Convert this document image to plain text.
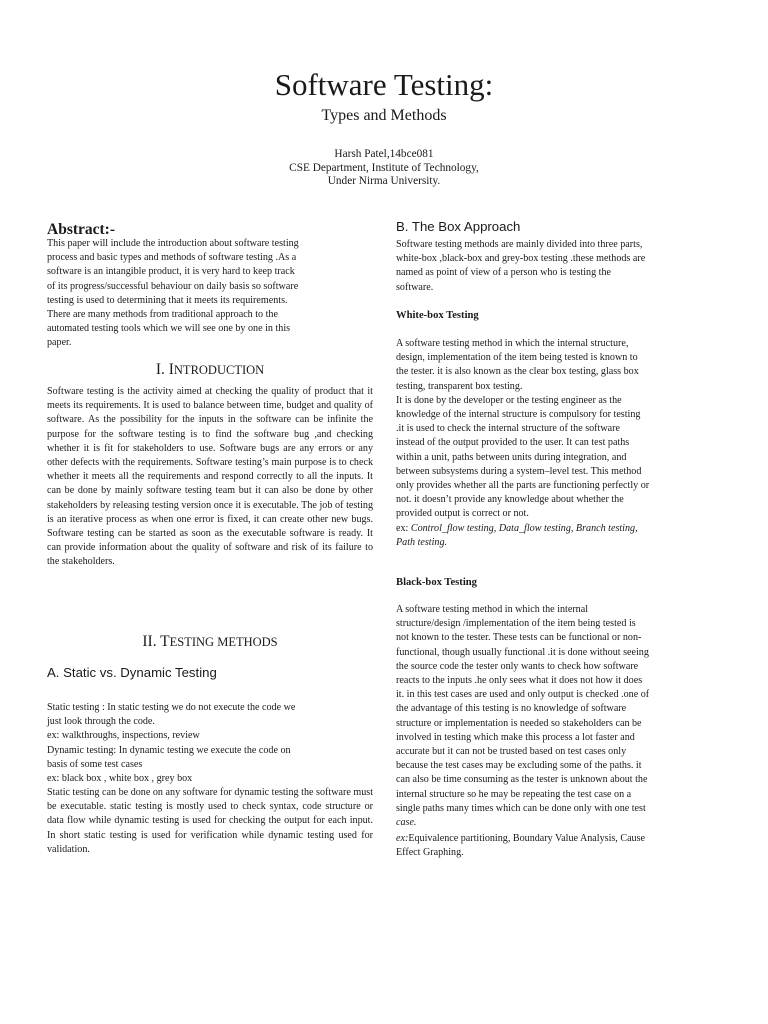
Software Testing:
Types and Methods
Harsh Patel,14bce081
CSE Department, Institute of Technology,
Under Nirma University.
Abstract:-
This paper will include the introduction about software testing
process and basic types and methods of software testing .As a
software is an intangible product, it is very hard to keep track
of its progress/successful behaviour on daily basis so software
testing is used to determining that it meets its requirements.
There are many methods from traditional approach to the
automated testing tools which we will see one by one in this
paper.
I. INTRODUCTION

Software testing is the activity aimed at checking the quality of product that it meets its requirements. It is used to balance between time, budget and quality of software. As the possibility for the inputs in the software can be infinite the purpose for the software testing is to find the software bug ,and checking whether it is fit for stakeholders to use. Software bugs are any errors or any other defects with the requirements. Software testing’s main purpose is to check whether it meets all the requirements and respond correctly to all the inputs. It can be done by mainly software testing team but it can also be done by other stakeholders by releasing testing version once it is executable. The job of testing is an iterative process as when one error is fixed, it can create other new bugs. Software testing can be started as soon as the executable software is ready. It can provide information about the quality of software and risk of its failure to the stakeholders.

II. TESTING METHODS
A. Static vs. Dynamic Testing
Static testing : In static testing we do not execute the code we
just look through the code.
ex: walkthroughs, inspections, review
Dynamic testing: In dynamic testing we execute the code on
basis of some test cases
ex: black box , white box , grey box

Static testing can be done on any software for dynamic testing the software must be executable. static testing is mostly used to check syntax, code structure or data flow while dynamic testing is used for checking the output for each input. In short static testing is used for verification while dynamic testing used for validation.

B. The Box Approach
Software testing methods are mainly divided into three parts,
white-box ,black-box and grey-box testing .these methods are
named as point of view of a person who is testing the
software.
White-box Testing
A software testing method in which the internal structure,
design, implementation of the item being tested is known to
the tester. it is also known as the clear box testing, glass box
testing, transparent box testing.
It is done by the developer or the testing engineer as the
knowledge of the internal structure is compulsory for testing
.it is used to check the internal structure of the software
instead of the output provided to the user. It can test paths
within a unit, paths between units during integration, and
between subsystems during a system–level test. This method
only provides whether all the parts are functioning perfectly or
not. it doesn’t provide any knowledge about whether the
provided output is correct or not.
ex: Control_flow testing, Data_flow testing, Branch testing,
Path testing.
Black-box Testing
A software testing method in which the internal
structure/design /implementation of the item being tested is
not known to the tester. These tests can be functional or non-
functional, though usually functional .it is done without seeing
the source code the tester only wants to check how software
reacts to the inputs .he only sees what it does not how it does
it. in this test cases are used and only output is checked .one of
the advantage of this testing is no knowledge of software
structure or implementation is needed so stakeholders can be
involved in testing which make this process a lot faster and
accurate but it can not be trusted based on test cases only
because the test cases may be excluding some of the paths. it
can also be time consuming as the tester is unknown about the
internal structure so he may be repeating the test case on a
single paths many times which can be done only with one test
case.
ex:Equivalence partitioning, Boundary Value Analysis, Cause
Effect Graphing.
